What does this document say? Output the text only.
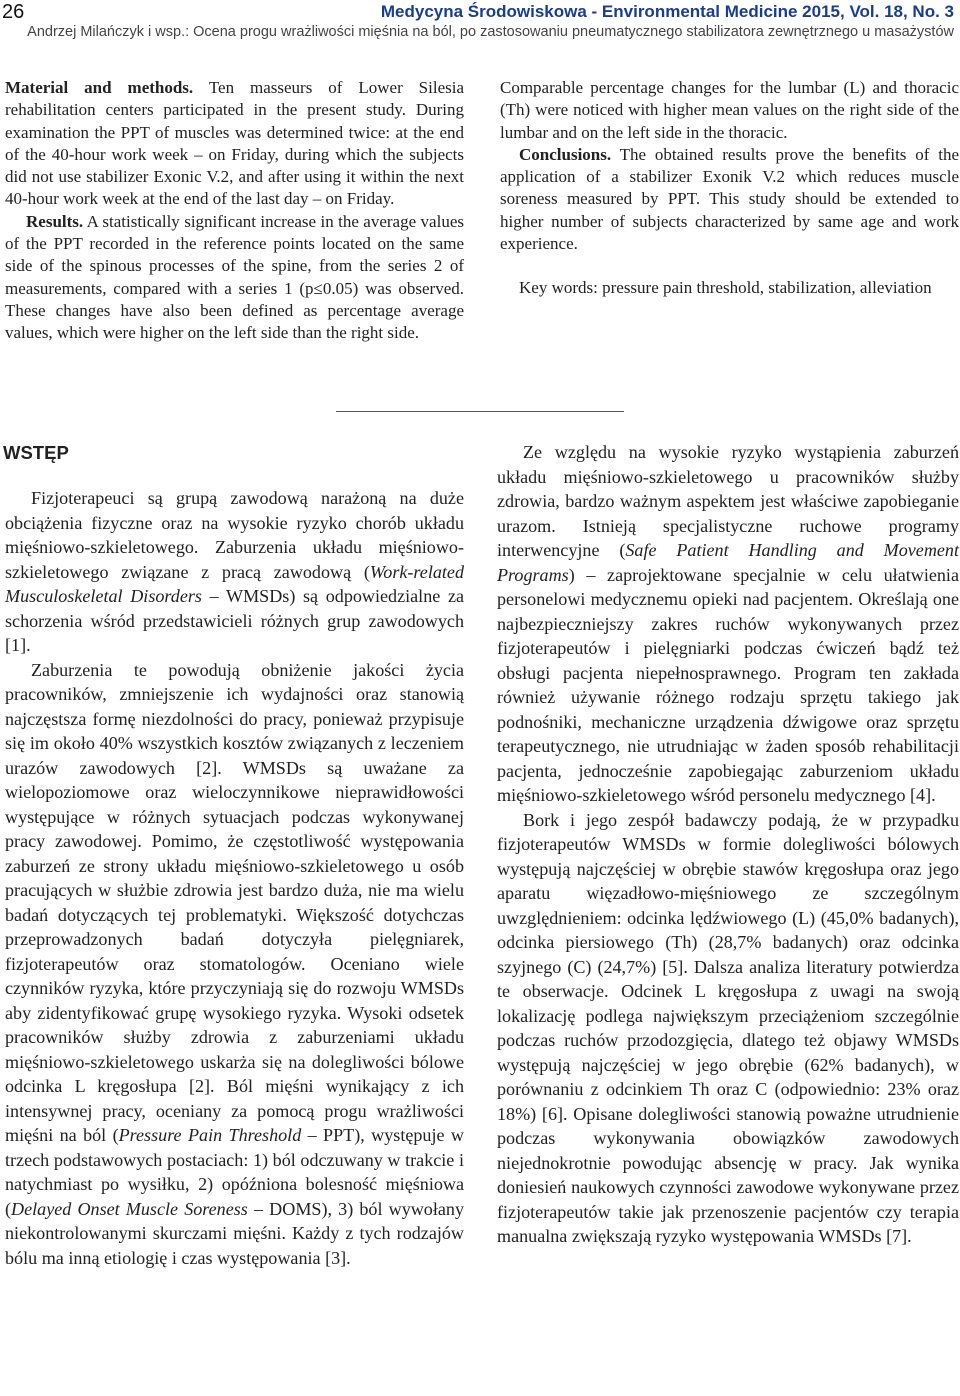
26	Medycyna Środowiskowa - Environmental Medicine 2015, Vol. 18, No. 3
Andrzej Milańczyk i wsp.: Ocena progu wrażliwości mięśnia na ból, po zastosowaniu pneumatycznego stabilizatora zewnętrznego u masażystów

Material and methods. Ten masseurs of Lower Silesia rehabilitation centers participated in the present study. During examination the PPT of muscles was determined twice: at the end of the 40-hour work week – on Friday, during which the subjects did not use stabilizer Exonic V.2, and after using it within the next 40-hour work week at the end of the last day – on Friday.

Results. A statistically significant increase in the average values of the PPT recorded in the reference points located on the same side of the spinous processes of the spine, from the series 2 of measurements, compared with a series 1 (p≤0.05) was observed. These changes have also been defined as percentage average values, which were higher on the left side than the right side.

Comparable percentage changes for the lumbar (L) and thoracic (Th) were noticed with higher mean values on the right side of the lumbar and on the left side in the thoracic.

Conclusions. The obtained results prove the benefits of the application of a stabilizer Exonik V.2 which reduces muscle soreness measured by PPT. This study should be extended to higher number of subjects characterized by same age and work experience.

Key words: pressure pain threshold, stabilization, alleviation

WSTĘP

Fizjoterapeuci są grupą zawodową narażoną na duże obciążenia fizyczne oraz na wysokie ryzyko chorób układu mięśniowo-szkieletowego. Zaburzenia układu mięśniowo-szkieletowego związane z pracą zawodową (Work-related Musculoskeletal Disorders – WMSDs) są odpowiedzialne za schorzenia wśród przedstawicieli różnych grup zawodowych [1].

Zaburzenia te powodują obniżenie jakości życia pracowników, zmniejszenie ich wydajności oraz stanowią najczęstsza formę niezdolności do pracy, ponieważ przypisuje się im około 40% wszystkich kosztów związanych z leczeniem urazów zawodowych [2]. WMSDs są uważane za wielopoziomowe oraz wieloczynnikowe nieprawidłowości występujące w różnych sytuacjach podczas wykonywanej pracy zawodowej. Pomimo, że częstotliwość występowania zaburzeń ze strony układu mięśniowo-szkieletowego u osób pracujących w służbie zdrowia jest bardzo duża, nie ma wielu badań dotyczących tej problematyki. Większość dotychczas przeprowadzonych badań dotyczyła pielęgniarek, fizjoterapeutów oraz stomatologów. Oceniano wiele czynników ryzyka, które przyczyniają się do rozwoju WMSDs aby zidentyfikować grupę wysokiego ryzyka. Wysoki odsetek pracowników służby zdrowia z zaburzeniami układu mięśniowo-szkieletowego uskarża się na dolegliwości bólowe odcinka L kręgosłupa [2]. Ból mięśni wynikający z ich intensywnej pracy, oceniany za pomocą progu wrażliwości mięśni na ból (Pressure Pain Threshold – PPT), występuje w trzech podstawowych postaciach: 1) ból odczuwany w trakcie i natychmiast po wysiłku, 2) opóźniona bolesność mięśniowa (Delayed Onset Muscle Soreness – DOMS), 3) ból wywołany niekontrolowanymi skurczami mięśni. Każdy z tych rodzajów bólu ma inną etiologię i czas występowania [3].

Ze względu na wysokie ryzyko wystąpienia zaburzeń układu mięśniowo-szkieletowego u pracowników służby zdrowia, bardzo ważnym aspektem jest właściwe zapobieganie urazom. Istnieją specjalistyczne ruchowe programy interwencyjne (Safe Patient Handling and Movement Programs) – zaprojektowane specjalnie w celu ułatwienia personelowi medycznemu opieki nad pacjentem. Określają one najbezpieczniejszy zakres ruchów wykonywanych przez fizjoterapeutów i pielęgniarki podczas ćwiczeń bądź też obsługi pacjenta niepełnosprawnego. Program ten zakłada również używanie różnego rodzaju sprzętu takiego jak podnośniki, mechaniczne urządzenia dźwigowe oraz sprzętu terapeutycznego, nie utrudniając w żaden sposób rehabilitacji pacjenta, jednocześnie zapobiegając zaburzeniom układu mięśniowo-szkieletowego wśród personelu medycznego [4].

Bork i jego zespół badawczy podają, że w przypadku fizjoterapeutów WMSDs w formie dolegliwości bólowych występują najczęściej w obrębie stawów kręgosłupa oraz jego aparatu więzadłowo-mięśniowego ze szczególnym uwzględnieniem: odcinka lędźwiowego (L) (45,0% badanych), odcinka piersiowego (Th) (28,7% badanych) oraz odcinka szyjnego (C) (24,7%) [5]. Dalsza analiza literatury potwierdza te obserwacje. Odcinek L kręgosłupa z uwagi na swoją lokalizację podlega największym przeciążeniom szczególnie podczas ruchów przodozgięcia, dlatego też objawy WMSDs występują najczęściej w jego obrębie (62% badanych), w porównaniu z odcinkiem Th oraz C (odpowiednio: 23% oraz 18%) [6]. Opisane dolegliwości stanowią poważne utrudnienie podczas wykonywania obowiązków zawodowych niejednokrotnie powodując absencję w pracy. Jak wynika doniesień naukowych czynności zawodowe wykonywane przez fizjoterapeutów takie jak przenoszenie pacjentów czy terapia manualna zwiększają ryzyko występowania WMSDs [7].
